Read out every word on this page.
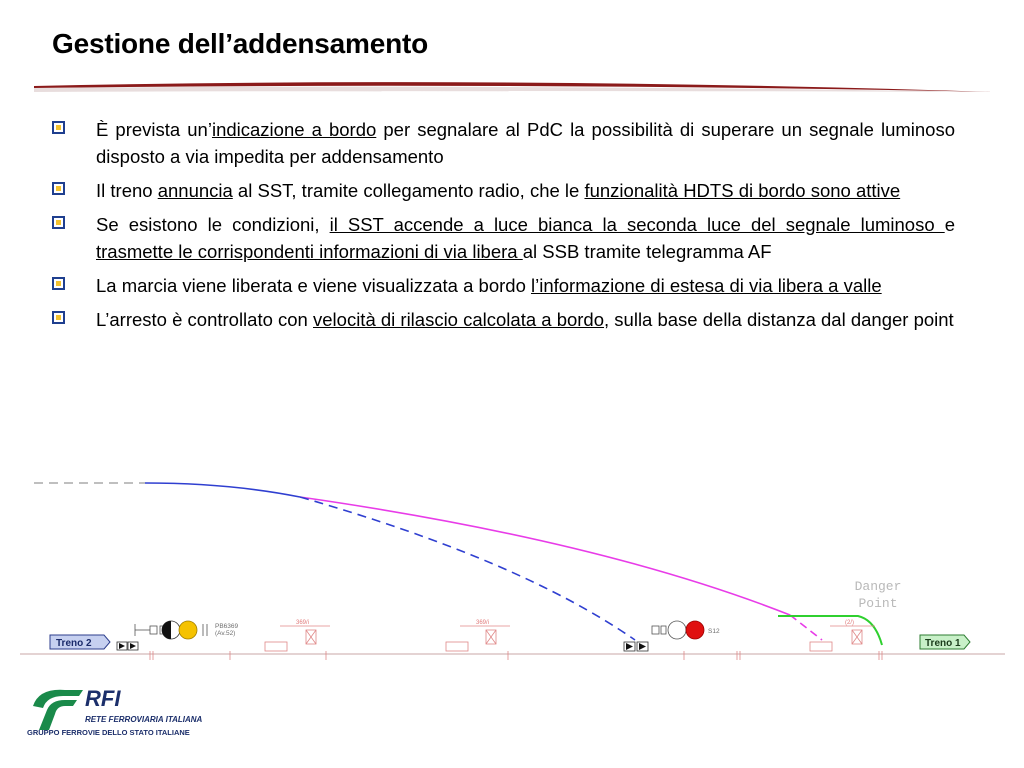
Gestione dell’addensamento
È prevista un’indicazione a bordo per segnalare al PdC la possibilità di superare un segnale luminoso disposto a via impedita per addensamento
Il treno annuncia al SST, tramite collegamento radio, che le funzionalità HDTS di bordo sono attive
Se esistono le condizioni, il SST accende a luce bianca la seconda luce del segnale luminoso e trasmette le corrispondenti informazioni di via libera al SSB tramite telegramma AF
La marcia viene liberata e viene visualizzata a bordo l’informazione di estesa di via libera a valle
L’arresto è controllato con velocità di rilascio calcolata a bordo, sulla base della distanza dal danger point
Danger
Point
Treno 2	Treno 1
PB6369
(Av.52)	S12
369/i	369/i	(2/)
RFI
RETE FERROVIARIA ITALIANA
GRUPPO FERROVIE DELLO STATO ITALIANE
